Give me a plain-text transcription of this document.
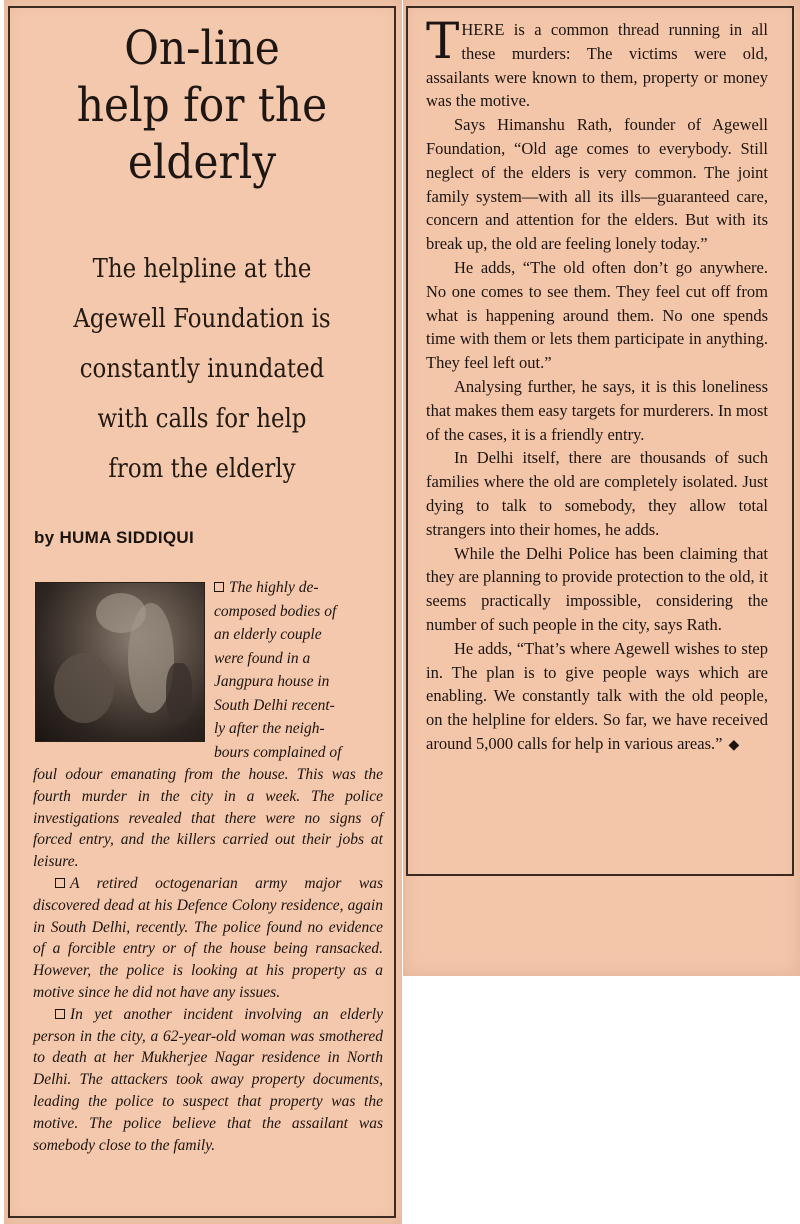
On-line
help for the
elderly
The helpline at the
Agewell Foundation is
constantly inundated
with calls for help
from the elderly
by HUMA SIDDIQUI

The highly de-

composed bodies of

an elderly couple

were found in a

Jangpura house in

South Delhi recent-

ly after the neigh-

bours complained of

foul odour emanating from the house. This was the fourth murder in the city in a week. The police investigations revealed that there were no signs of forced entry, and the killers carried out their jobs at leisure.

A retired octogenarian army major was discovered dead at his Defence Colony residence, again in South Delhi, recently. The police found no evidence of a forcible entry or of the house being ransacked. However, the police is looking at his property as a motive since he did not have any issues.

In yet another incident involving an elderly person in the city, a 62-year-old woman was smothered to death at her Mukherjee Nagar residence in North Delhi. The attackers took away property documents, leading the police to suspect that property was the motive. The police believe that the assailant was somebody close to the family.

THERE is a common thread running in all these murders: The victims were old, assailants were known to them, property or money was the motive.

Says Himanshu Rath, founder of Agewell Foundation, “Old age comes to everybody. Still neglect of the elders is very common. The joint family system—with all its ills—guaranteed care, concern and attention for the elders. But with its break up, the old are feeling lonely today.”

He adds, “The old often don’t go anywhere. No one comes to see them. They feel cut off from what is happening around them. No one spends time with them or lets them participate in anything. They feel left out.”

Analysing further, he says, it is this loneliness that makes them easy targets for murderers. In most of the cases, it is a friendly entry.

In Delhi itself, there are thousands of such families where the old are completely isolated. Just dying to talk to somebody, they allow total strangers into their homes, he adds.

While the Delhi Police has been claiming that they are planning to provide protection to the old, it seems practically impossible, considering the number of such people in the city, says Rath.

He adds, “That’s where Agewell wishes to step in. The plan is to give people ways which are enabling. We constantly talk with the old people, on the helpline for elders. So far, we have received around 5,000 calls for help in various areas.” ◆
